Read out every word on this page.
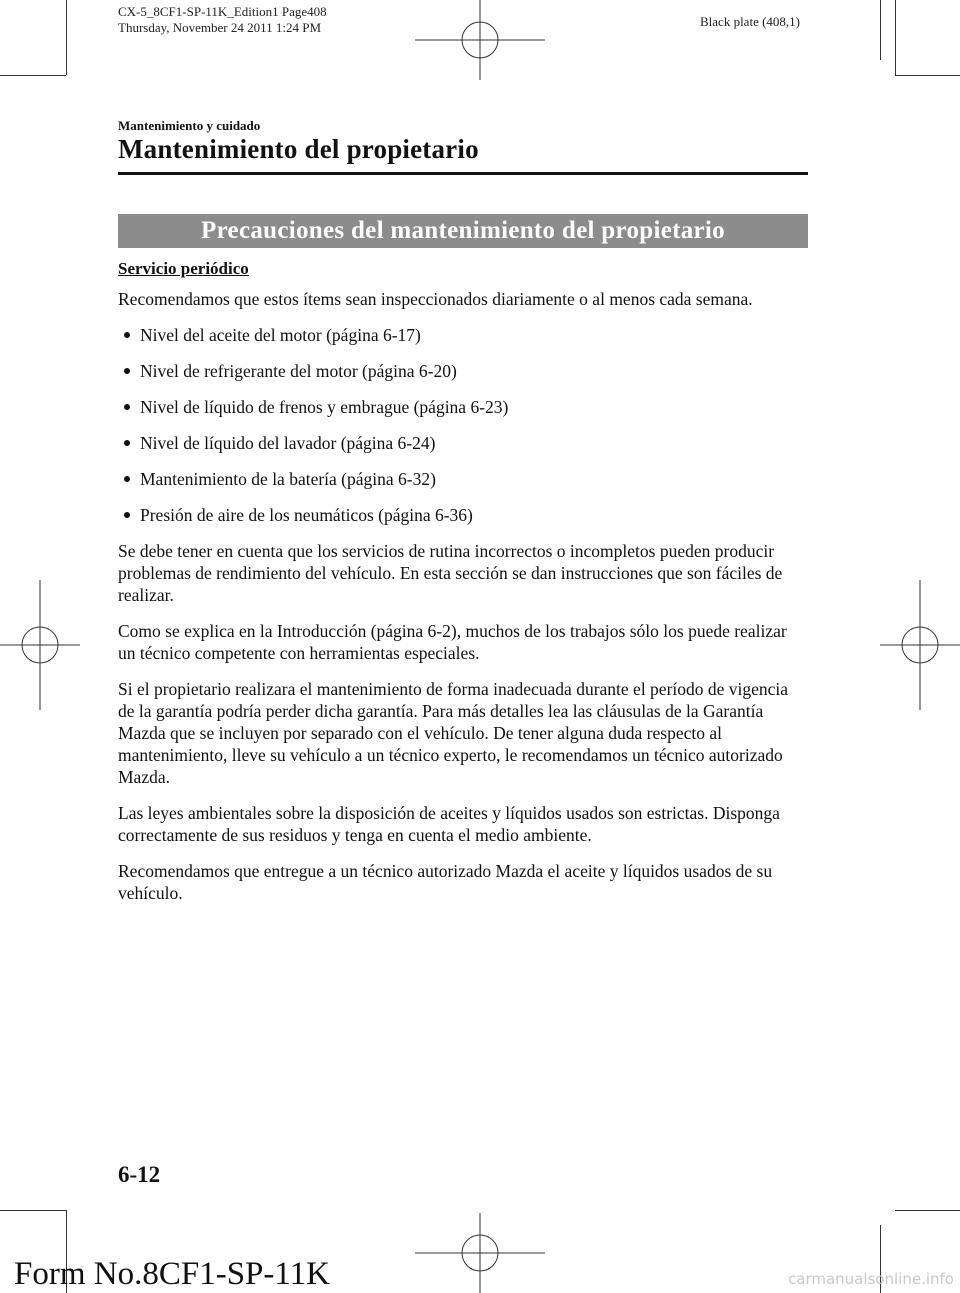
CX-5_8CF1-SP-11K_Edition1 Page408
Thursday, November 24 2011 1:24 PM	Black plate (408,1)
Mantenimiento y cuidado
Mantenimiento del propietario
Precauciones del mantenimiento del propietario
Servicio periódico

Recomendamos que estos ítems sean inspeccionados diariamente o al menos cada semana.

Nivel del aceite del motor (página 6-17)
Nivel de refrigerante del motor (página 6-20)
Nivel de líquido de frenos y embrague (página 6-23)
Nivel de líquido del lavador (página 6-24)
Mantenimiento de la batería (página 6-32)
Presión de aire de los neumáticos (página 6-36)

Se debe tener en cuenta que los servicios de rutina incorrectos o incompletos pueden producir problemas de rendimiento del vehículo. En esta sección se dan instrucciones que son fáciles de realizar.

Como se explica en la Introducción (página 6-2), muchos de los trabajos sólo los puede realizar un técnico competente con herramientas especiales.

Si el propietario realizara el mantenimiento de forma inadecuada durante el período de vigencia de la garantía podría perder dicha garantía. Para más detalles lea las cláusulas de la Garantía Mazda que se incluyen por separado con el vehículo. De tener alguna duda respecto al mantenimiento, lleve su vehículo a un técnico experto, le recomendamos un técnico autorizado Mazda.

Las leyes ambientales sobre la disposición de aceites y líquidos usados son estrictas. Disponga correctamente de sus residuos y tenga en cuenta el medio ambiente.

Recomendamos que entregue a un técnico autorizado Mazda el aceite y líquidos usados de su vehículo.

6-12
Form No.8CF1-SP-11K	carmanualsonline.info
